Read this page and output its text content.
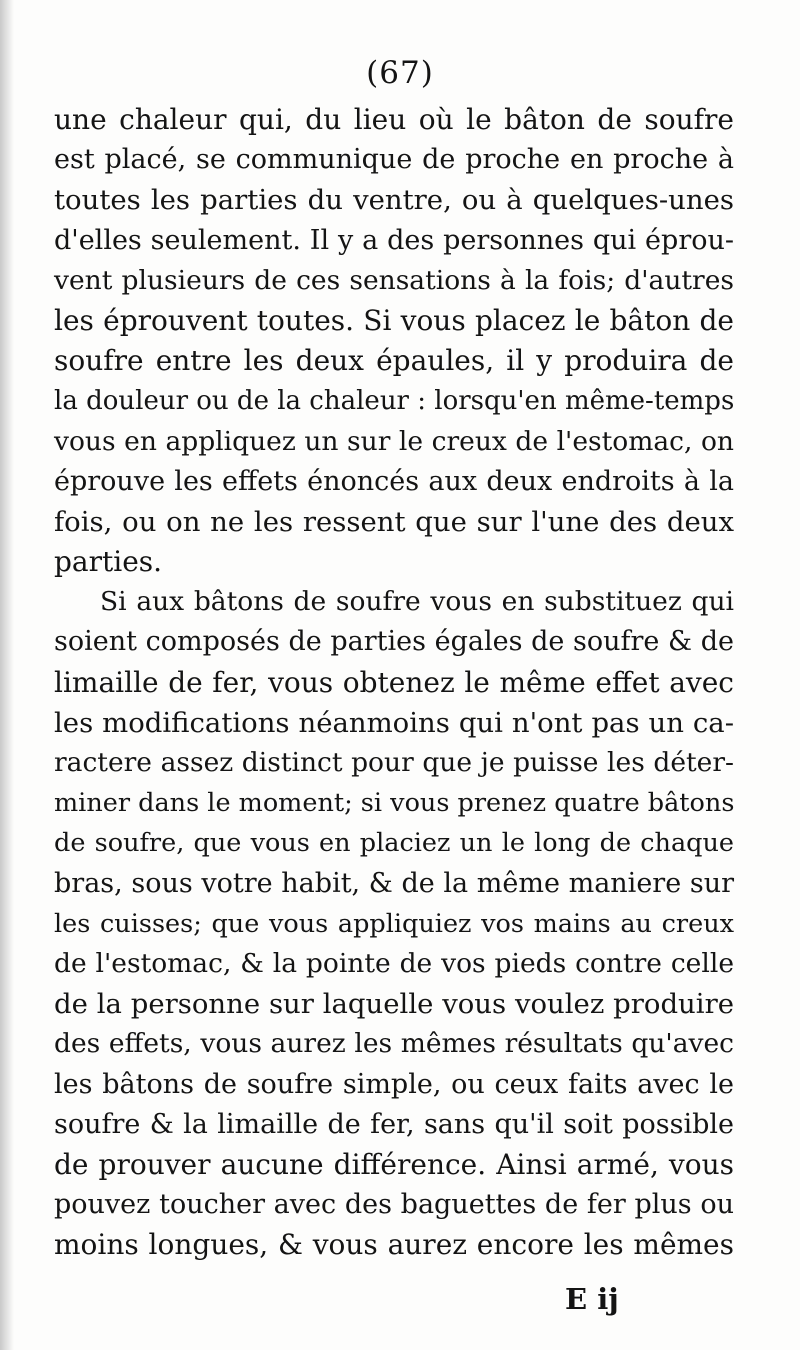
(67)
une chaleur qui, du lieu où le bâton de soufre
est placé, se communique de proche en proche à
toutes les parties du ventre, ou à quelques-unes
d'elles seulement. Il y a des personnes qui éprou-
vent plusieurs de ces sensations à la fois; d'autres
les éprouvent toutes. Si vous placez le bâton de
soufre entre les deux épaules, il y produira de
la douleur ou de la chaleur : lorsqu'en même-temps
vous en appliquez un sur le creux de l'estomac, on
éprouve les effets énoncés aux deux endroits à la
fois, ou on ne les ressent que sur l'une des deux
parties.
Si aux bâtons de soufre vous en substituez qui
soient composés de parties égales de soufre & de
limaille de fer, vous obtenez le même effet avec
les modifications néanmoins qui n'ont pas un ca-
ractere assez distinct pour que je puisse les déter-
miner dans le moment; si vous prenez quatre bâtons
de soufre, que vous en placiez un le long de chaque
bras, sous votre habit, & de la même maniere sur
les cuisses; que vous appliquiez vos mains au creux
de l'estomac, & la pointe de vos pieds contre celle
de la personne sur laquelle vous voulez produire
des effets, vous aurez les mêmes résultats qu'avec
les bâtons de soufre simple, ou ceux faits avec le
soufre & la limaille de fer, sans qu'il soit possible
de prouver aucune différence. Ainsi armé, vous
pouvez toucher avec des baguettes de fer plus ou
moins longues, & vous aurez encore les mêmes
E ij
